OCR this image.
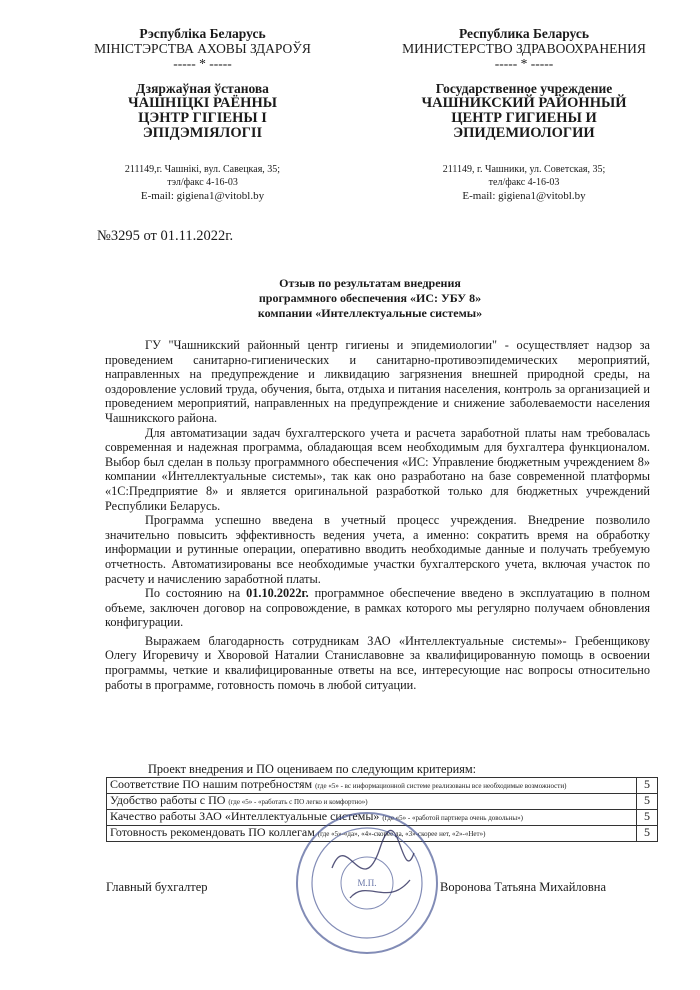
Рэспубліка Беларусь
МІНІСТЭРСТВА АХОВЫ ЗДАРОЎЯ
----- * -----
Дзяржаўная ўстанова
ЧАШНІЦКІ РАЁННЫ
ЦЭНТР ГІГІЕНЫ І
ЭПІДЭМІЯЛОГІІ
211149,г. Чашнікі, вул. Савецкая, 35;
тэл/факс 4-16-03
E-mail: gigiena1@vitobl.by
Республика Беларусь
МИНИСТЕРСТВО ЗДРАВООХРАНЕНИЯ
----- * -----
Государственное учреждение
ЧАШНИКСКИЙ РАЙОННЫЙ
ЦЕНТР ГИГИЕНЫ И
ЭПИДЕМИОЛОГИИ
211149, г. Чашники, ул. Советская, 35;
тел/факс 4-16-03
E-mail: gigiena1@vitobl.by
№3295 от 01.11.2022г.
Отзыв по результатам внедрения
программного обеспечения «ИС: УБУ 8»
компании «Интеллектуальные системы»

ГУ "Чашникский районный центр гигиены и эпидемиологии" - осуществляет надзор за проведением санитарно-гигиенических и санитарно-противоэпидемических мероприятий, направленных на предупреждение и ликвидацию загрязнения внешней природной среды, на оздоровление условий труда, обучения, быта, отдыха и питания населения, контроль за организацией и проведением мероприятий, направленных на предупреждение и снижение заболеваемости населения Чашникского района.

Для автоматизации задач бухгалтерского учета и расчета заработной платы нам требовалась современная и надежная программа, обладающая всем необходимым для бухгалтера функционалом. Выбор был сделан в пользу программного обеспечения «ИС: Управление бюджетным учреждением 8» компании «Интеллектуальные системы», так как оно разработано на базе современной платформы «1С:Предприятие 8» и является оригинальной разработкой только для бюджетных учреждений Республики Беларусь.

Программа успешно введена в учетный процесс учреждения. Внедрение позволило значительно повысить эффективность ведения учета, а именно: сократить время на обработку информации и рутинные операции, оперативно вводить необходимые данные и получать требуемую отчетность. Автоматизированы все необходимые участки бухгалтерского учета, включая участок по расчету и начислению заработной платы.

По состоянию на 01.10.2022г. программное обеспечение введено в эксплуатацию в полном объеме, заключен договор на сопровождение, в рамках которого мы регулярно получаем обновления конфигурации.

Выражаем благодарность сотрудникам ЗАО «Интеллектуальные системы»- Гребенщикову Олегу Игоревичу и Хворовой Наталии Станиславовне за квалифицированную помощь в освоении программы, четкие и квалифицированные ответы на все, интересующие нас вопросы относительно работы в программе, готовность помочь в любой ситуации.

Проект внедрения и ПО оцениваем по следующим критериям:
Соответствие ПО нашим потребностям (где «5» - вс информационной системе реализованы все необходимые возможности)	5
Удобство работы с ПО (где «5» - «работать с ПО легко и комфортно»)	5
Качество работы ЗАО «Интеллектуальные системы» (где «5» - «работой партнера очень довольны»)	5
Готовность рекомендовать ПО коллегам (где «5»-«да», «4»-скорее да, «3»-скорее нет, «2»-«Нет»)	5
Главный бухгалтер	Воронова Татьяна Михайловна
М.П.
